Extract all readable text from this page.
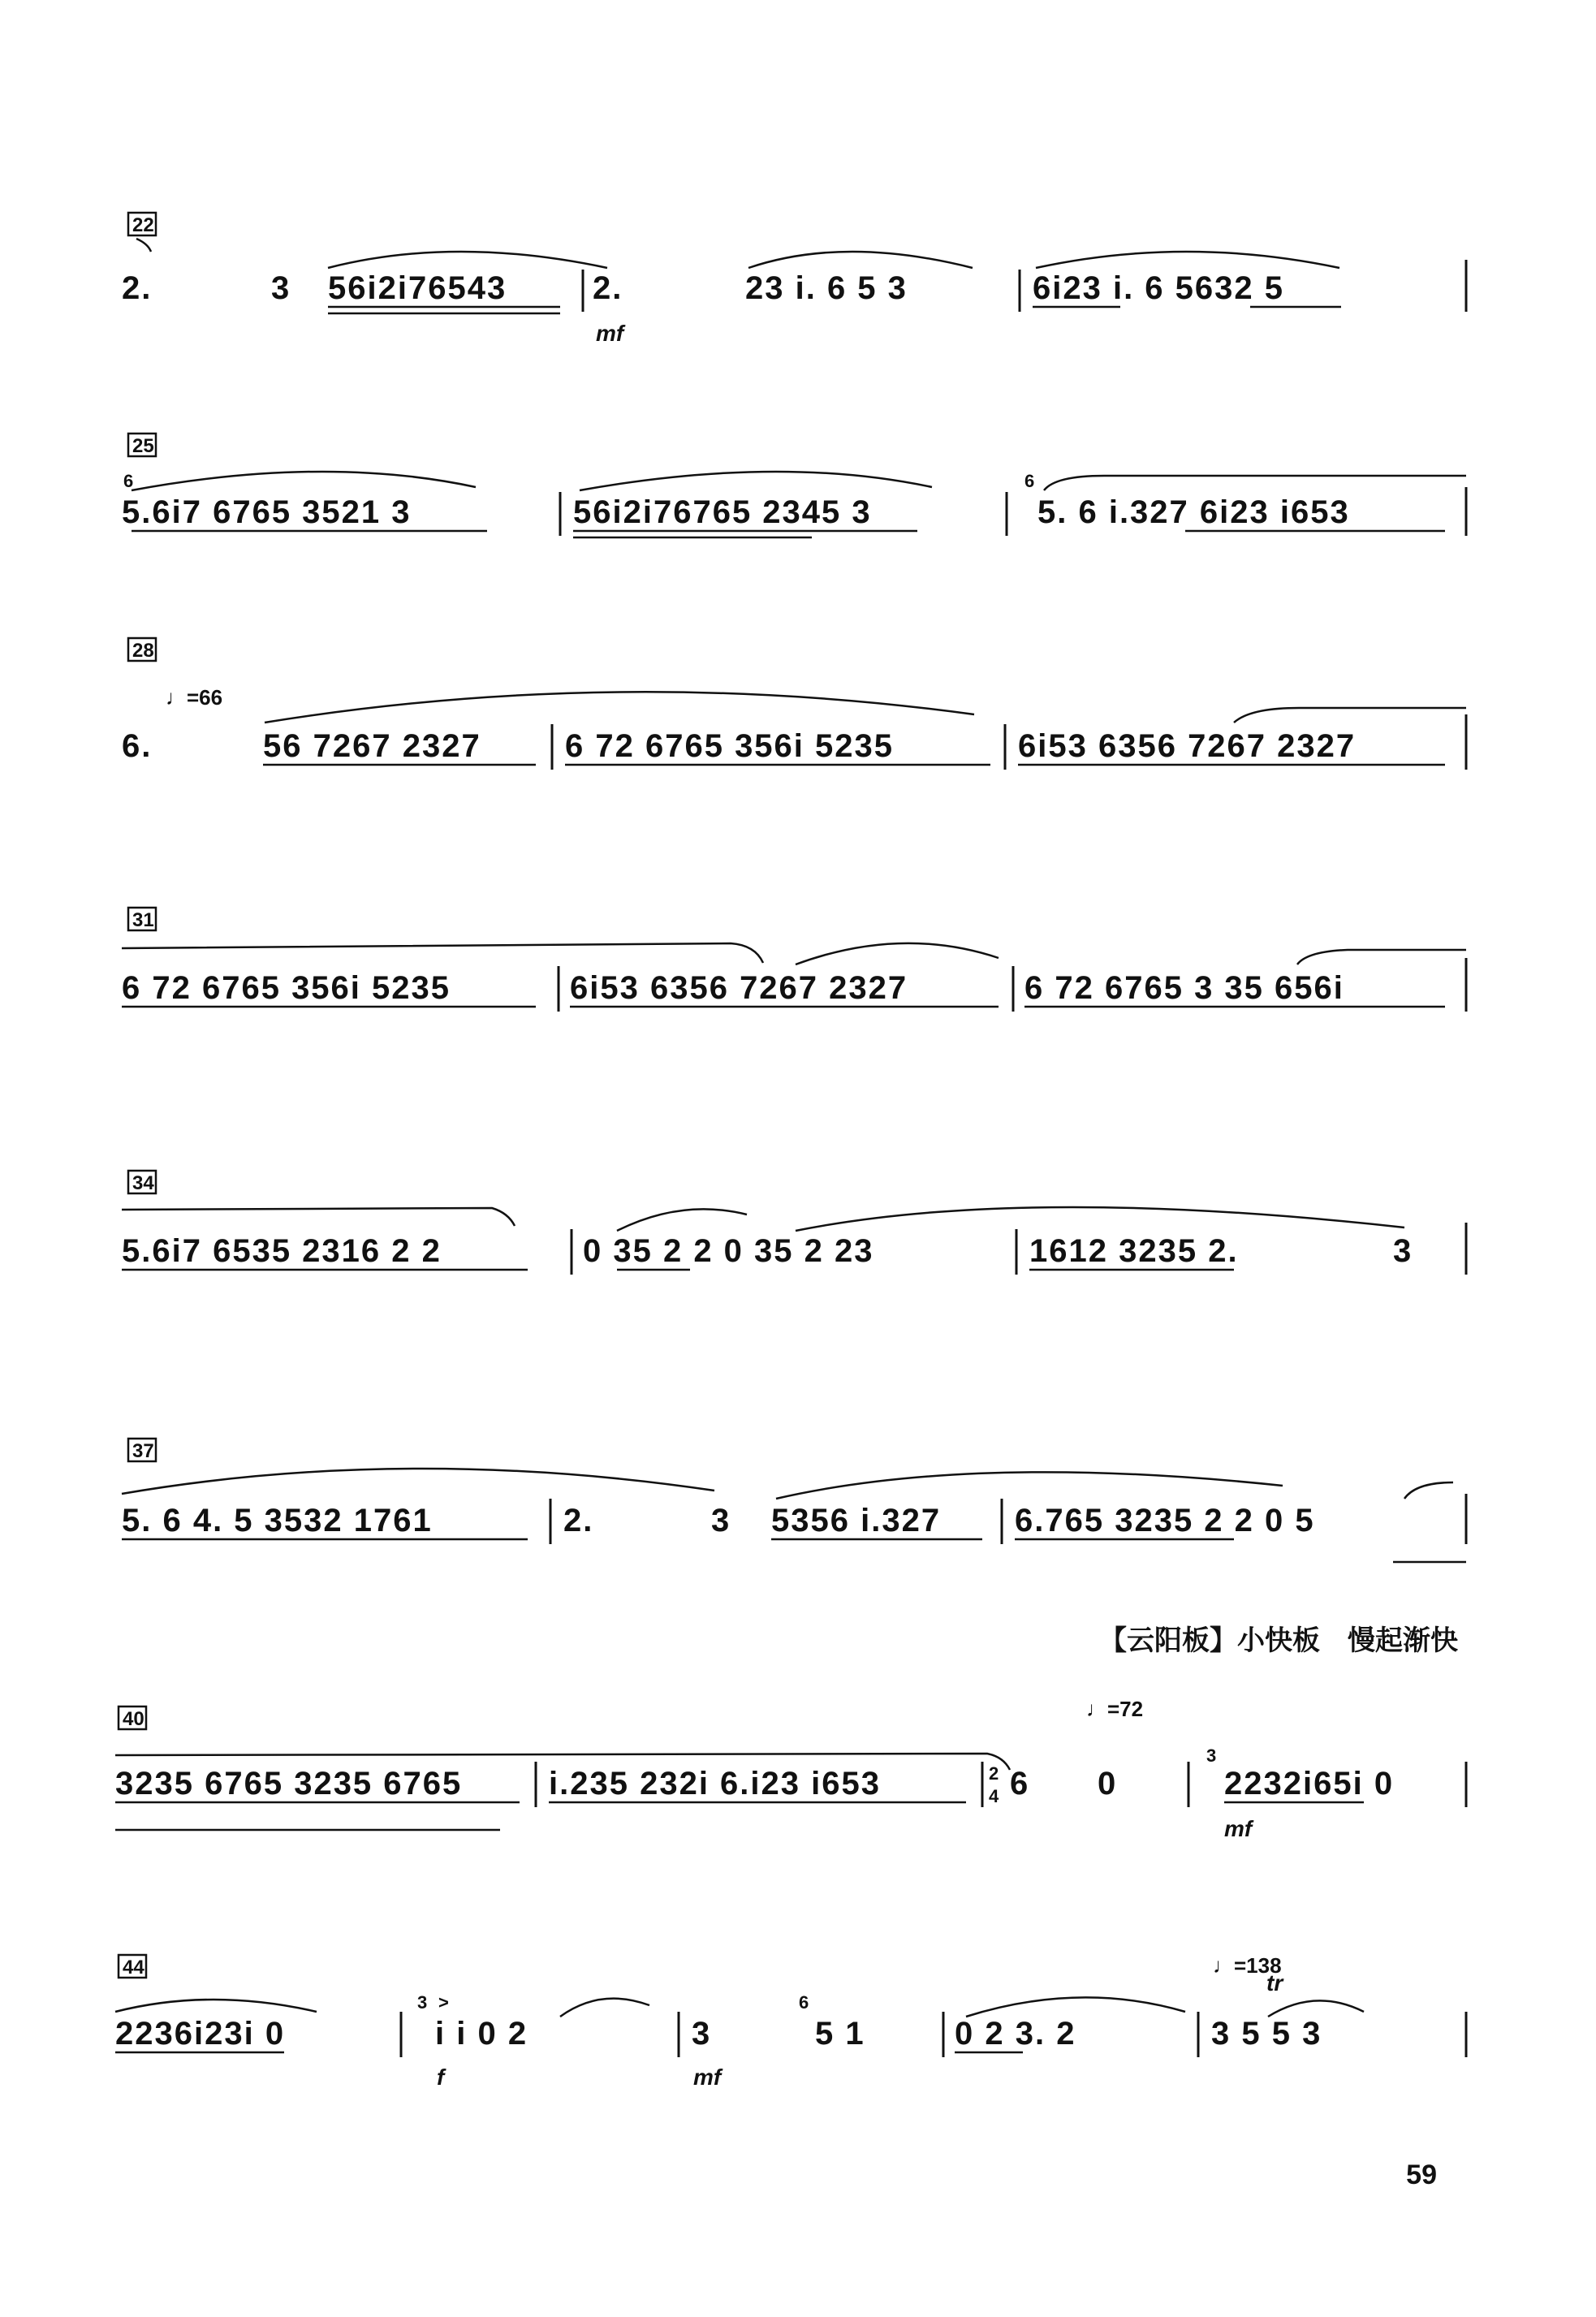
22
2.	3 56i2i76543	2.
mf
23 i. 6 5 3	6i23 i. 6 5632 5
25
6
5.6i7 6765 3521 3	56i2i76765 2345 3
6
5. 6 i.327 6i23 i653
28
♩=66
6.	56 7267 2327	6 72 6765 356i 5235	6i53 6356 7267 2327
31
6 72 6765 356i 5235	6i53 6356 7267 2327	6 72 6765 3 35 656i
34
5.6i7 6535 2316 2 2	0 35 2 2 0 35 2 23	1612 3235 2.	3
37
5. 6 4. 5 3532 1761	2.	3 5356 i.327 6.765 3235 2 2 0 5
【云阳板】小快板　慢起渐快
40	♩=72
3235 6765 3235 6765	i.235 232i 6.i23 i653	2
4 6 0
3
2232i65i 0
mf
44	♩=138
tr
2236i23i 0
3 >
i i 0 2
f
3
mf
6
5 1	0 2 3. 2	3 5 5 3
59
